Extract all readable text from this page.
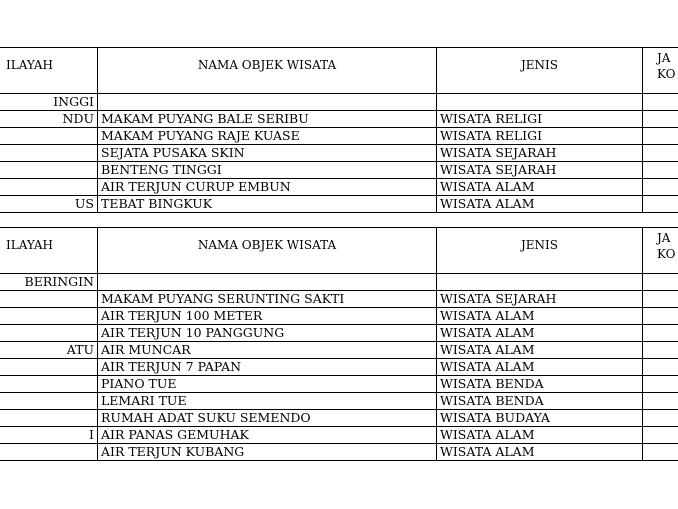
ILAYAH	NAMA OBJEK WISATA	JENIS	JA
KO

INGGI			
NDU	MAKAM PUYANG BALE SERIBU	WISATA RELIGI	
	MAKAM PUYANG RAJE KUASE	WISATA RELIGI	
	SEJATA PUSAKA SKIN	WISATA SEJARAH	
	BENTENG TINGGI	WISATA SEJARAH	
	AIR TERJUN CURUP EMBUN	WISATA ALAM	
US	TEBAT BINGKUK	WISATA ALAM	
ILAYAH	NAMA OBJEK WISATA	JENIS	JA
KO

BERINGIN			
	MAKAM PUYANG SERUNTING SAKTI	WISATA SEJARAH	
	AIR TERJUN 100 METER	WISATA ALAM	
	AIR TERJUN 10 PANGGUNG	WISATA ALAM	
ATU	AIR MUNCAR	WISATA ALAM	
	AIR TERJUN 7 PAPAN	WISATA ALAM	
	PIANO TUE	WISATA BENDA	
	LEMARI TUE	WISATA BENDA	
	RUMAH ADAT SUKU SEMENDO	WISATA BUDAYA	
I	AIR PANAS GEMUHAK	WISATA ALAM	
	AIR TERJUN KUBANG	WISATA ALAM	
